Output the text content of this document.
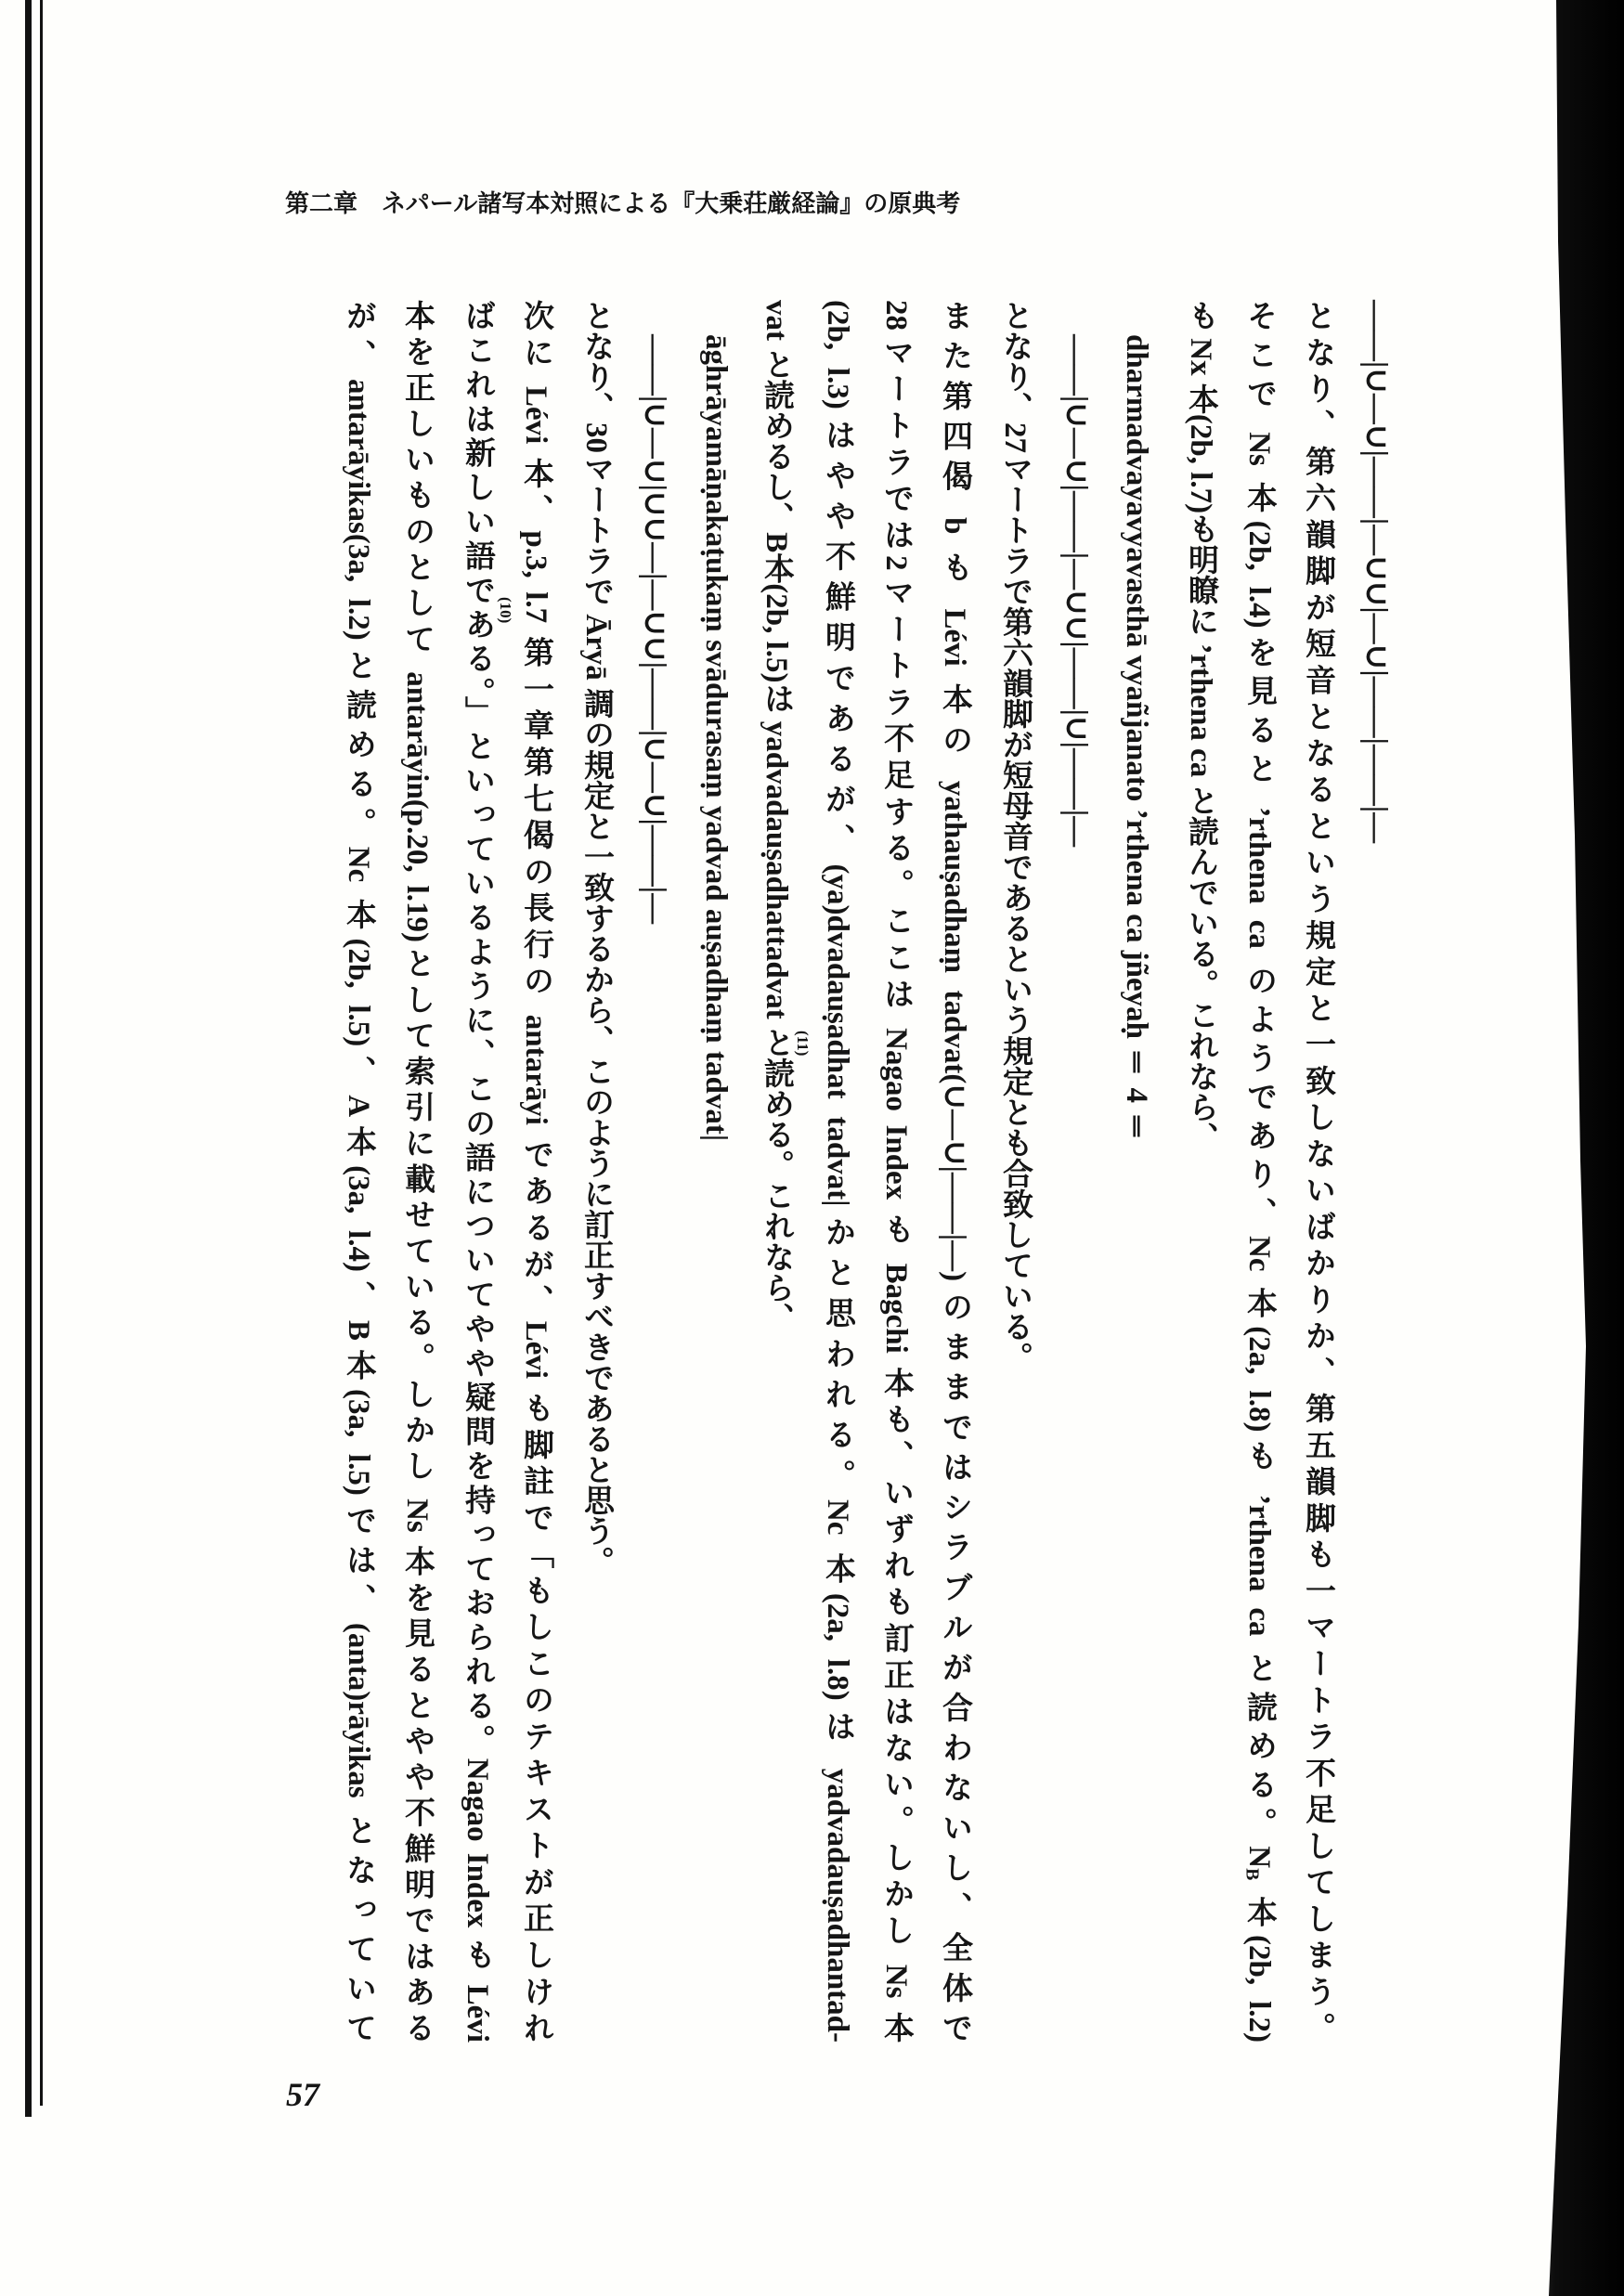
第二章　ネパール諸写本対照による『大乗荘厳経論』の原典考
——|∪—∪|——|—∪∪|—∪|——|——|—
となり、第六韻脚が短音となるという規定と一致しないばかりか、第五韻脚も一マートラ不足してしまう。
そこで Ns 本(2b, l.4)を見ると ’rthena ca のようであり、Nc 本(2a, l.8)も ’rthena ca と読める。$N_B$ 本(2b, l.2)
も Nx 本(2b, l.7)も明瞭に ’rthena ca と読んでいる。これなら、
dharmadvayavyavasthā vyañjanato ’rthena ca jñeyaḥ ‖ 4 ‖
——|∪—∪|——|—∪∪|——|∪|——|—
となり、27マートラで第六韻脚が短母音であるという規定とも合致している。
また第四偈 b も Lévi 本の yathauṣadhaṃ tadvat(∪—∪|——|—)のままではシラブルが合わないし、全体で
28マートラでは2マートラ不足する。ここは Nagao Index も Bagchi 本も、いずれも訂正はない。しかし Ns 本
(2b, l.3)はやや不鮮明であるが、(ya)dvadauṣadhat tadvat|かと思われる。Nc 本(2a, l.8)は yadvadauṣadhantad-
vat と読めるし、B本(2b, l.5)は yadvadauṣadhattadvat と読める。これなら、
āghrāyamāṇakaṭukaṃ svādurasaṃ yadvad auṣadhaṃ tadvat|
——|∪—∪|∪∪—|—∪∪|——|∪—∪|——|—
となり、30マートラで Āryā 調の規定と一致するから、このように訂正すべきであると思う。
次に Lévi 本、p.3, l.7 第一章第七偈の長行の antarāyi であるが、Lévi も脚註で「もしこのテキストが正しけれ
ばこれは新しい語である。」といっているように、この語についてやや疑問を持っておられる。Nagao Index も Lévi
本を正しいものとして antarāyin(p.20, l.19)として索引に載せている。しかし Ns 本を見るとやや不鮮明ではある
が、antarāyikas(3a, l.2)と読める。Nc 本(2b, l.5)、A本(3a, l.4)、B本(3a, l.5)では、(anta)rāyikas となっていて	(10)
(11)
57
